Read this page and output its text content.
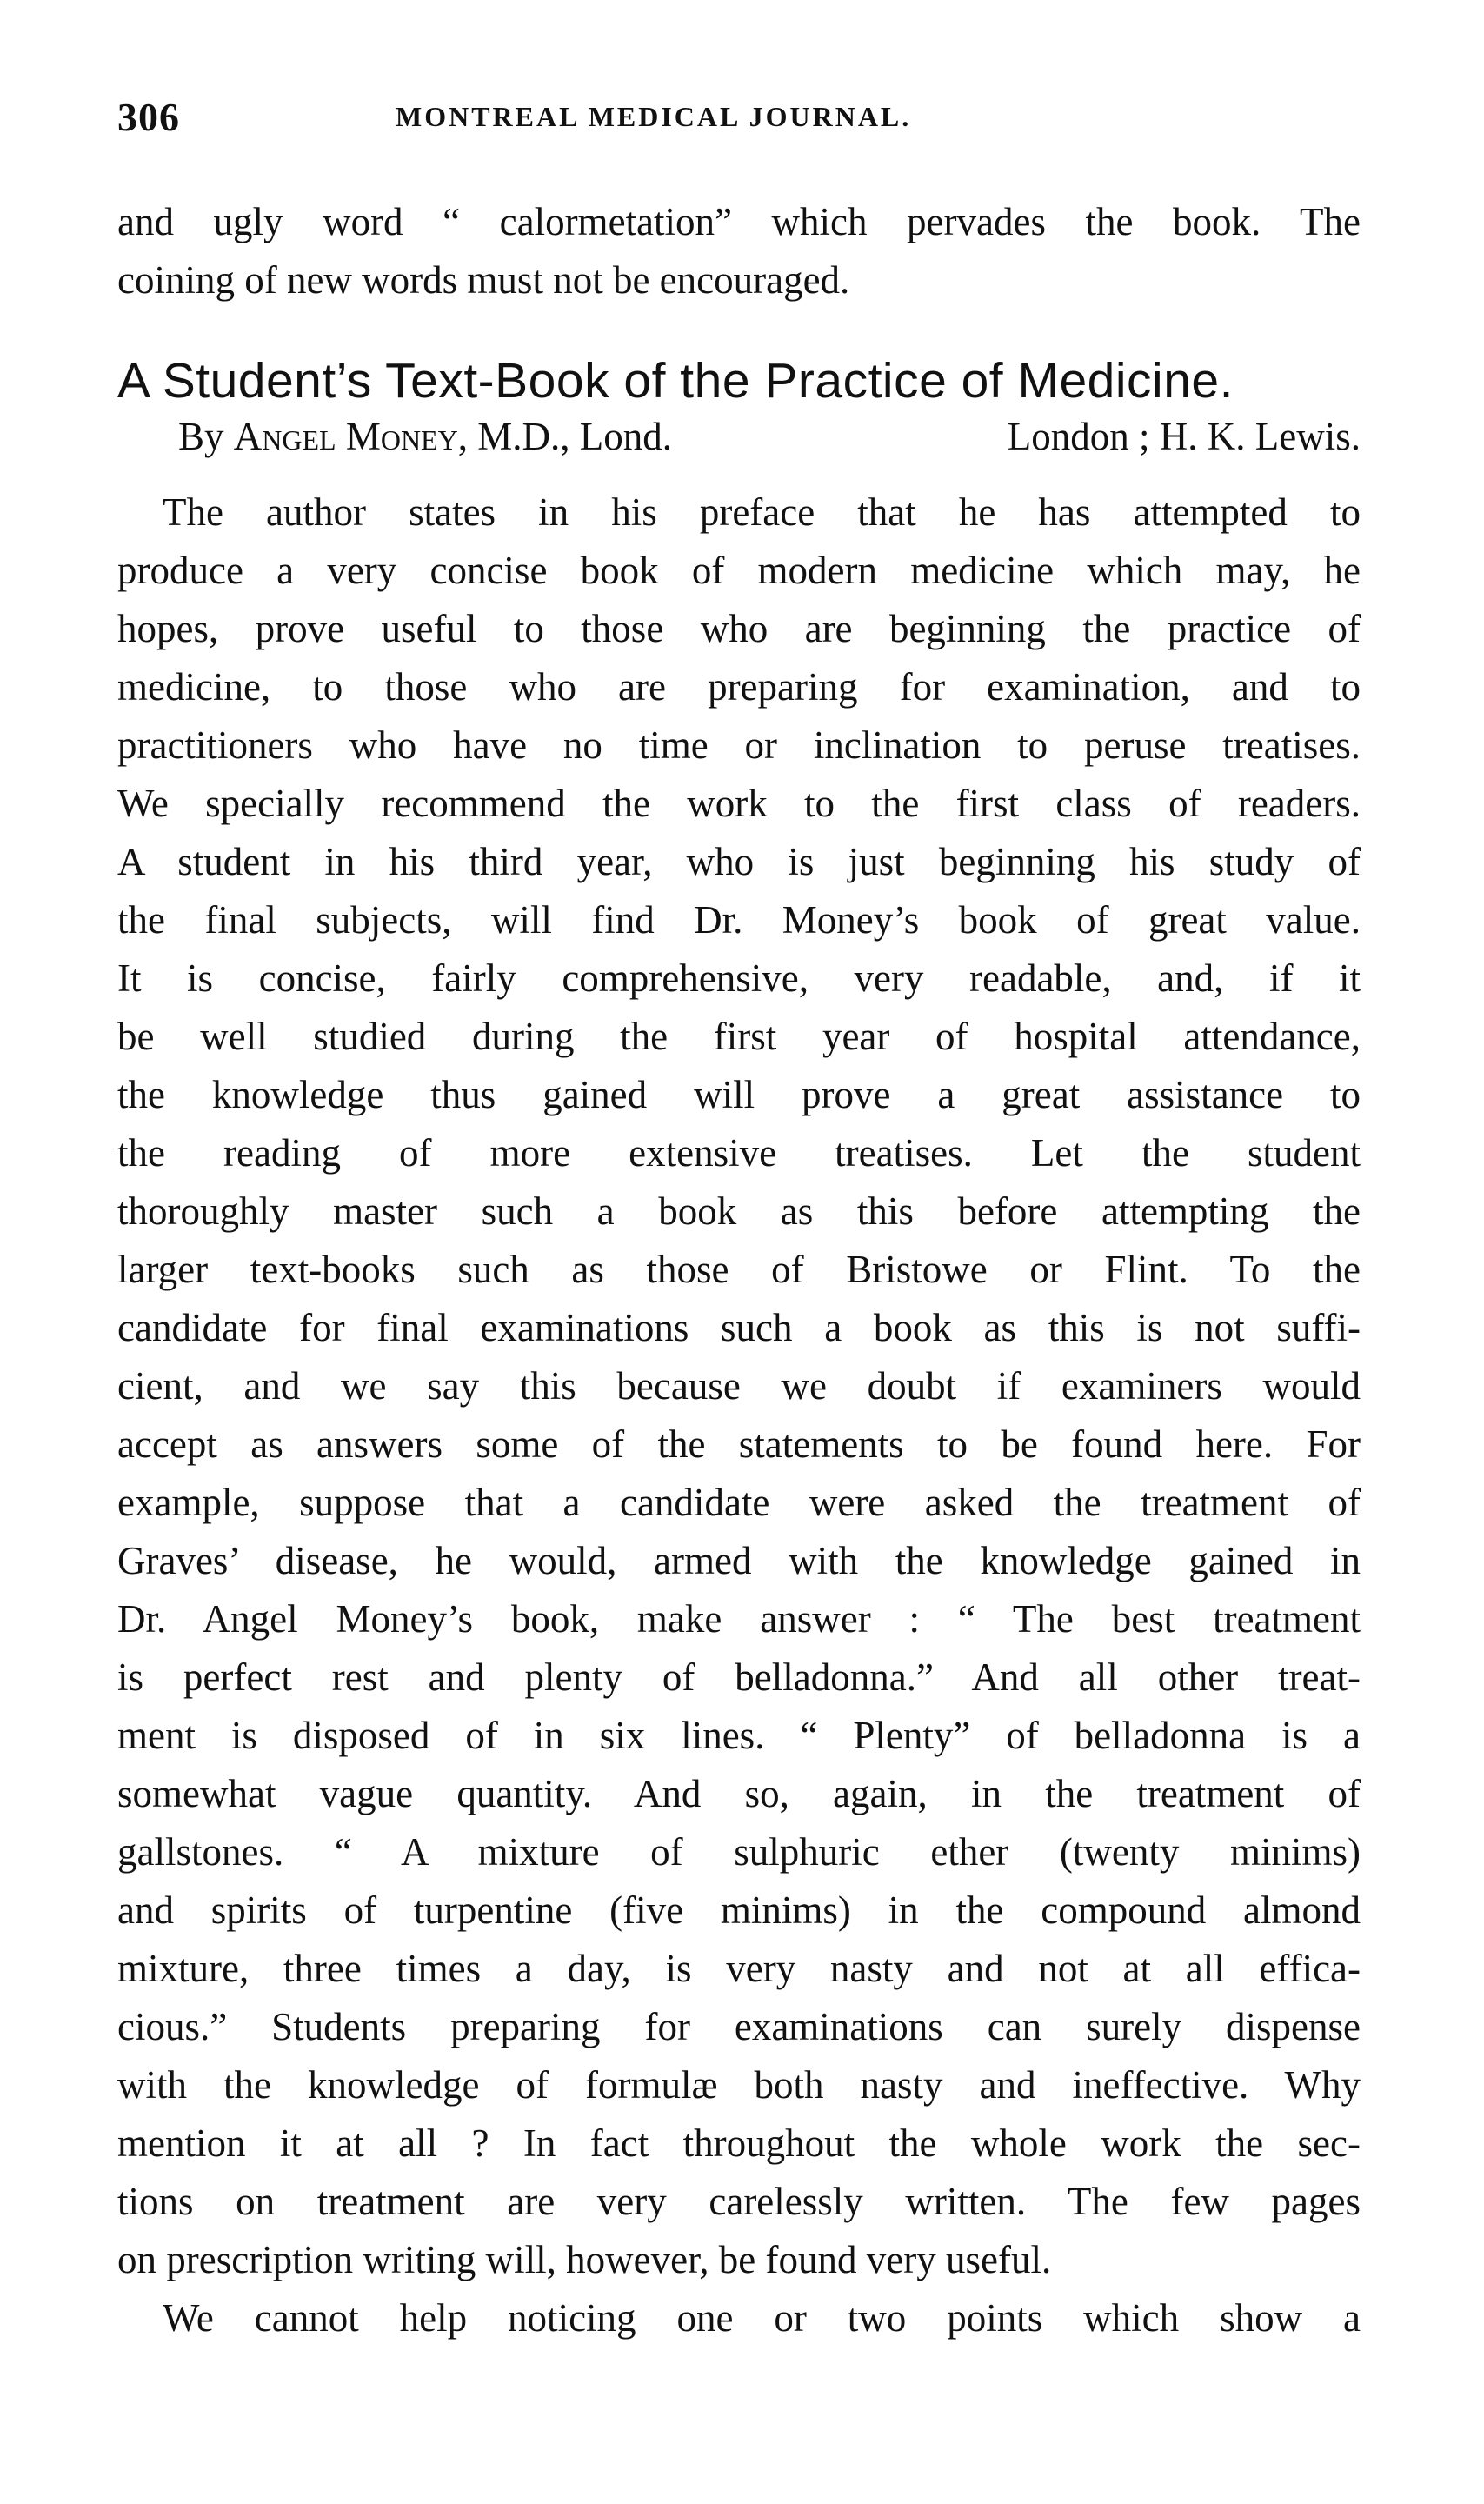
306	MONTREAL MEDICAL JOURNAL.
and ugly word “ calormetation” which pervades the book. The
coining of new words must not be encouraged.
A Student’s Text-Book of the Practice of Medicine.
By Angel Money, M.D., Lond.	London ; H. K. Lewis.
The author states in his preface that he has attempted to
produce a very concise book of modern medicine which may, he
hopes, prove useful to those who are beginning the practice of
medicine, to those who are preparing for examination, and to
practitioners who have no time or inclination to peruse treatises.
We specially recommend the work to the first class of readers.
A student in his third year, who is just beginning his study of
the final subjects, will find Dr. Money’s book of great value.
It is concise, fairly comprehensive, very readable, and, if it
be well studied during the first year of hospital attendance,
the knowledge thus gained will prove a great assistance to
the reading of more extensive treatises. Let the student
thoroughly master such a book as this before attempting the
larger text-books such as those of Bristowe or Flint. To the
candidate for final examinations such a book as this is not suffi-
cient, and we say this because we doubt if examiners would
accept as answers some of the statements to be found here. For
example, suppose that a candidate were asked the treatment of
Graves’ disease, he would, armed with the knowledge gained in
Dr. Angel Money’s book, make answer : “ The best treatment
is perfect rest and plenty of belladonna.” And all other treat-
ment is disposed of in six lines. “ Plenty” of belladonna is a
somewhat vague quantity. And so, again, in the treatment of
gallstones. “ A mixture of sulphuric ether (twenty minims)
and spirits of turpentine (five minims) in the compound almond
mixture, three times a day, is very nasty and not at all effica-
cious.” Students preparing for examinations can surely dispense
with the knowledge of formulæ both nasty and ineffective. Why
mention it at all ? In fact throughout the whole work the sec-
tions on treatment are very carelessly written. The few pages
on prescription writing will, however, be found very useful.
We cannot help noticing one or two points which show a
